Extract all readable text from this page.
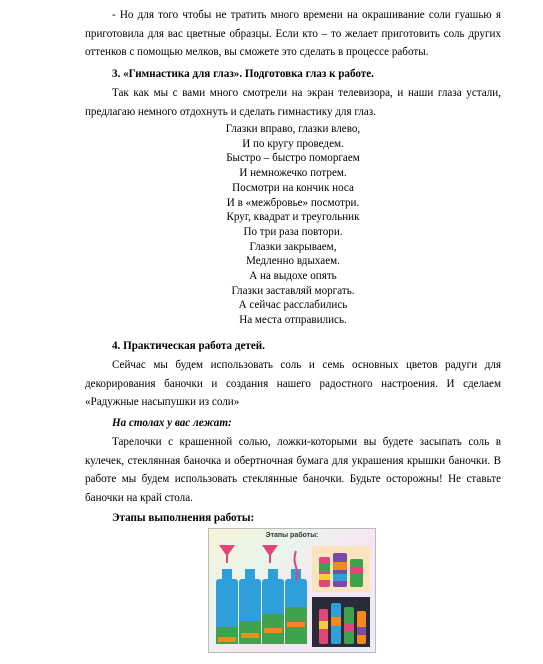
- Но для того чтобы не тратить много времени на окрашивание соли гуашью я приготовила для вас цветные образцы. Если кто – то желает приготовить соль других оттенков с помощью мелков, вы сможете это сделать в процессе работы.

3. «Гимнастика для глаз». Подготовка глаз к работе.

Так как мы с вами много смотрели на экран телевизора, и наши глаза устали, предлагаю немного отдохнуть и сделать гимнастику для глаз.

Глазки вправо, глазки влево,
И по кругу проведем.
Быстро – быстро поморгаем
И немножечко потрем.
Посмотри на кончик носа
И в «межбровье» посмотри.
Круг, квадрат и треугольник
По три раза повтори.
Глазки закрываем,
Медленно вдыхаем.
А на выдохе опять
Глазки заставляй моргать.
А сейчас расслабились
На места отправились.

4. Практическая работа детей.

Сейчас мы будем использовать соль и семь основных цветов радуги для декорирования баночки и создания нашего радостного настроения. И сделаем «Радужные насыпушки из соли»

На столах у вас лежат:

Тарелочки с крашенной солью, ложки-которыми вы будете засыпать соль в кулечек, стеклянная баночка и обертночная бумага для украшения крышки баночки. В работе мы будем использовать стеклянные баночки. Будьте осторожны! Не ставьте баночки на край стола.

Этапы выполнения работы:

Этапы работы:
